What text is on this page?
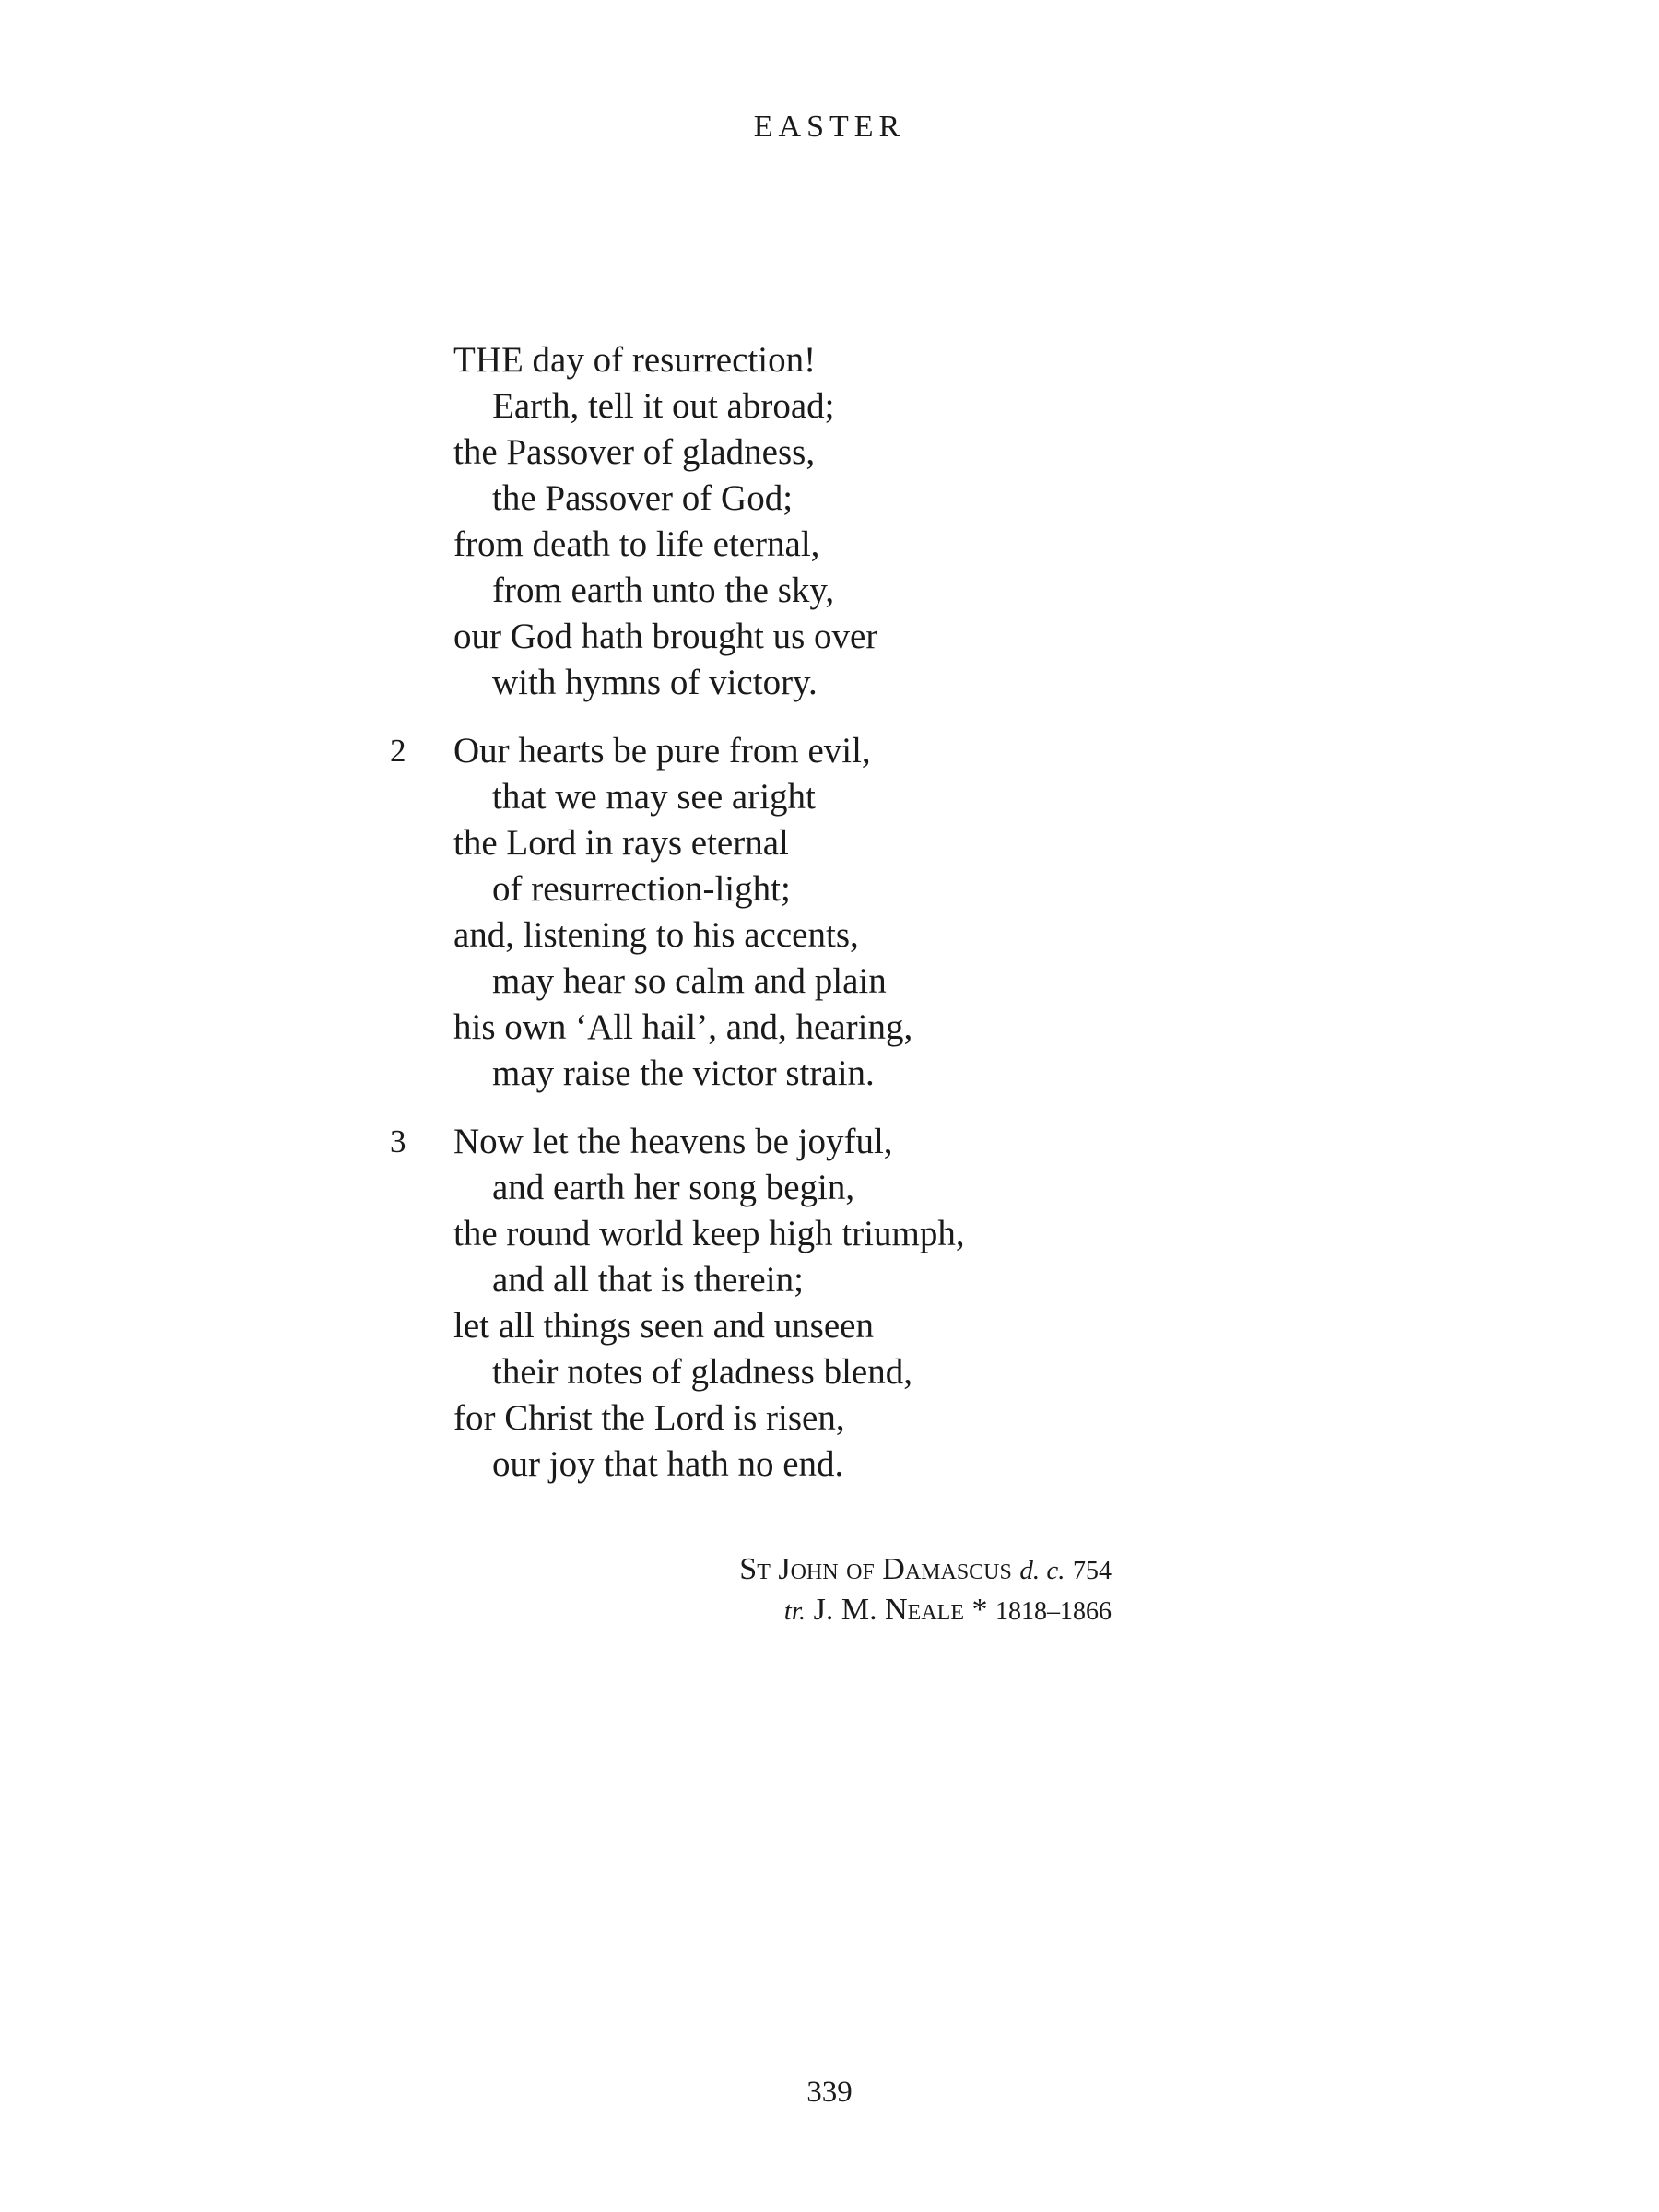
EASTER
THE day of resurrection!
Earth, tell it out abroad;
the Passover of gladness,
the Passover of God;
from death to life eternal,
from earth unto the sky,
our God hath brought us over
with hymns of victory.
2 Our hearts be pure from evil,
that we may see aright
the Lord in rays eternal
of resurrection-light;
and, listening to his accents,
may hear so calm and plain
his own ‘All hail’, and, hearing,
may raise the victor strain.
3 Now let the heavens be joyful,
and earth her song begin,
the round world keep high triumph,
and all that is therein;
let all things seen and unseen
their notes of gladness blend,
for Christ the Lord is risen,
our joy that hath no end.
St John of Damascus d. c. 754
tr. J. M. Neale * 1818–1866
339
